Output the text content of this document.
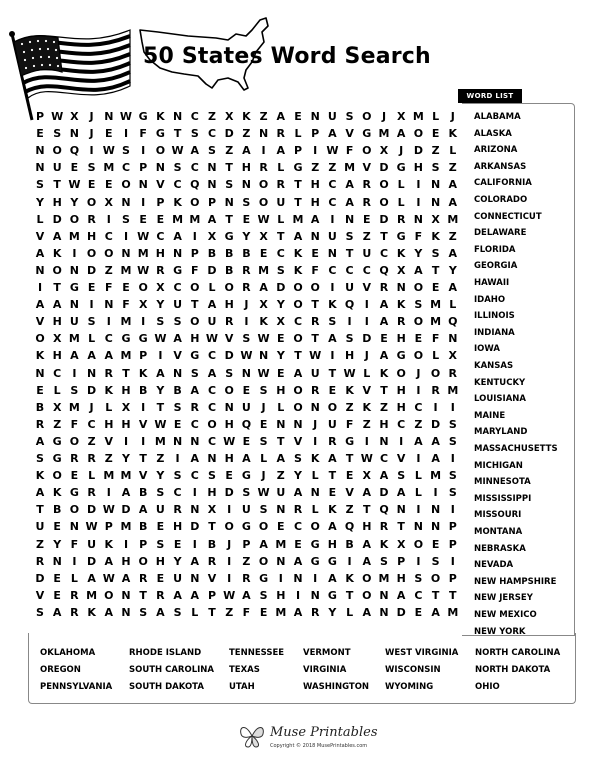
50 States Word Search
WORD LIST
P W X J N W G K N C Z X K Z A E N U S O J X M L	J
E S N J	E	I	F G T S C D Z N R L P A V G M A O E K
N O Q I W S	I O W A S Z A I A P	I W F O X J D Z L
N U E S M C P N S C N T H R L G Z Z M V D G H S Z
S T W E E O N V C Q N S N O R T H C A R O L	I N A
Y H Y O X N I	P K O P N S O U T H C A R O L	I N A
L D O R I	S E E M M A T E W L M A I N E D R N X M
V A M H C	I W C A I X G Y X T A N U S Z T G F K Z
A K I O O N M H N P B B B E C K E N T U C K Y S A
N O N D Z M W R G F D B R M S K F C C C Q X A T Y
I	T G E F E O X C O L O R A D O O I U V R N O E A
A A N I N F X Y U T A H J X Y O T K Q I A K S M L
V H U S	I M I	S S O U R I K X C R S	I	I A R O M Q
O X M L C G G W A H W V S W E O T A S D E H E F N
K H A A A M P	I V G C D W N Y T W I H J A G O L X
N C	I N R T K A N S A S N W E A U T W L K O J O R
E L S D K H B Y B A C O E S H O R E K V T H I R M
B X M J	L X I	T S R C N U J	L O N O Z K Z H C	I	I
R Z F C H H V W E C O H Q E N N J U F Z H C Z D S
A G O Z V I	I M N N C W E S T V I R G I N I A A S
S G R R Z Y T Z	I A N H A L A S K A T W C V I A I
K O E L M M V Y S C S E G J	Z Y L T E X A S L M S
A K G R I A B S C	I H D S W U A N E V A D A L	I	S
T B O D W D A U R N X I U S N R L K Z T Q N I N I
U E N W P M B E H D T O G O E C O A Q H R T N N P
Z Y F U K I	P S E	I B J	P A M E G H B A K X O E P
R N I D A H O H Y A R I	Z O N A G G I A S P	I	S	I
D E L A W A R E U N V I R G I N I A K O M H S O P
V E R M O N T R A A P W A S H I N G T O N A C T T
S A R K A N S A S L T Z F E M A R Y L A N D E A M
ALABAMA
ALASKA
ARIZONA
ARKANSAS
CALIFORNIA
COLORADO
CONNECTICUT
DELAWARE
FLORIDA
GEORGIA
HAWAII
IDAHO
ILLINOIS
INDIANA
IOWA
KANSAS
KENTUCKY
LOUISIANA
MAINE
MARYLAND
MASSACHUSETTS
MICHIGAN
MINNESOTA
MISSISSIPPI
MISSOURI
MONTANA
NEBRASKA
NEVADA
NEW HAMPSHIRE
NEW JERSEY
NEW MEXICO
NEW YORK
OKLAHOMA
OREGON
PENNSYLVANIA
RHODE ISLAND
SOUTH CAROLINA
SOUTH DAKOTA
TENNESSEE
TEXAS
UTAH
VERMONT
VIRGINIA
WASHINGTON
WEST VIRGINIA
WISCONSIN
WYOMING
NORTH CAROLINA
NORTH DAKOTA
OHIO
Muse Printables
Copyright © 2018 MusePrintables.com
